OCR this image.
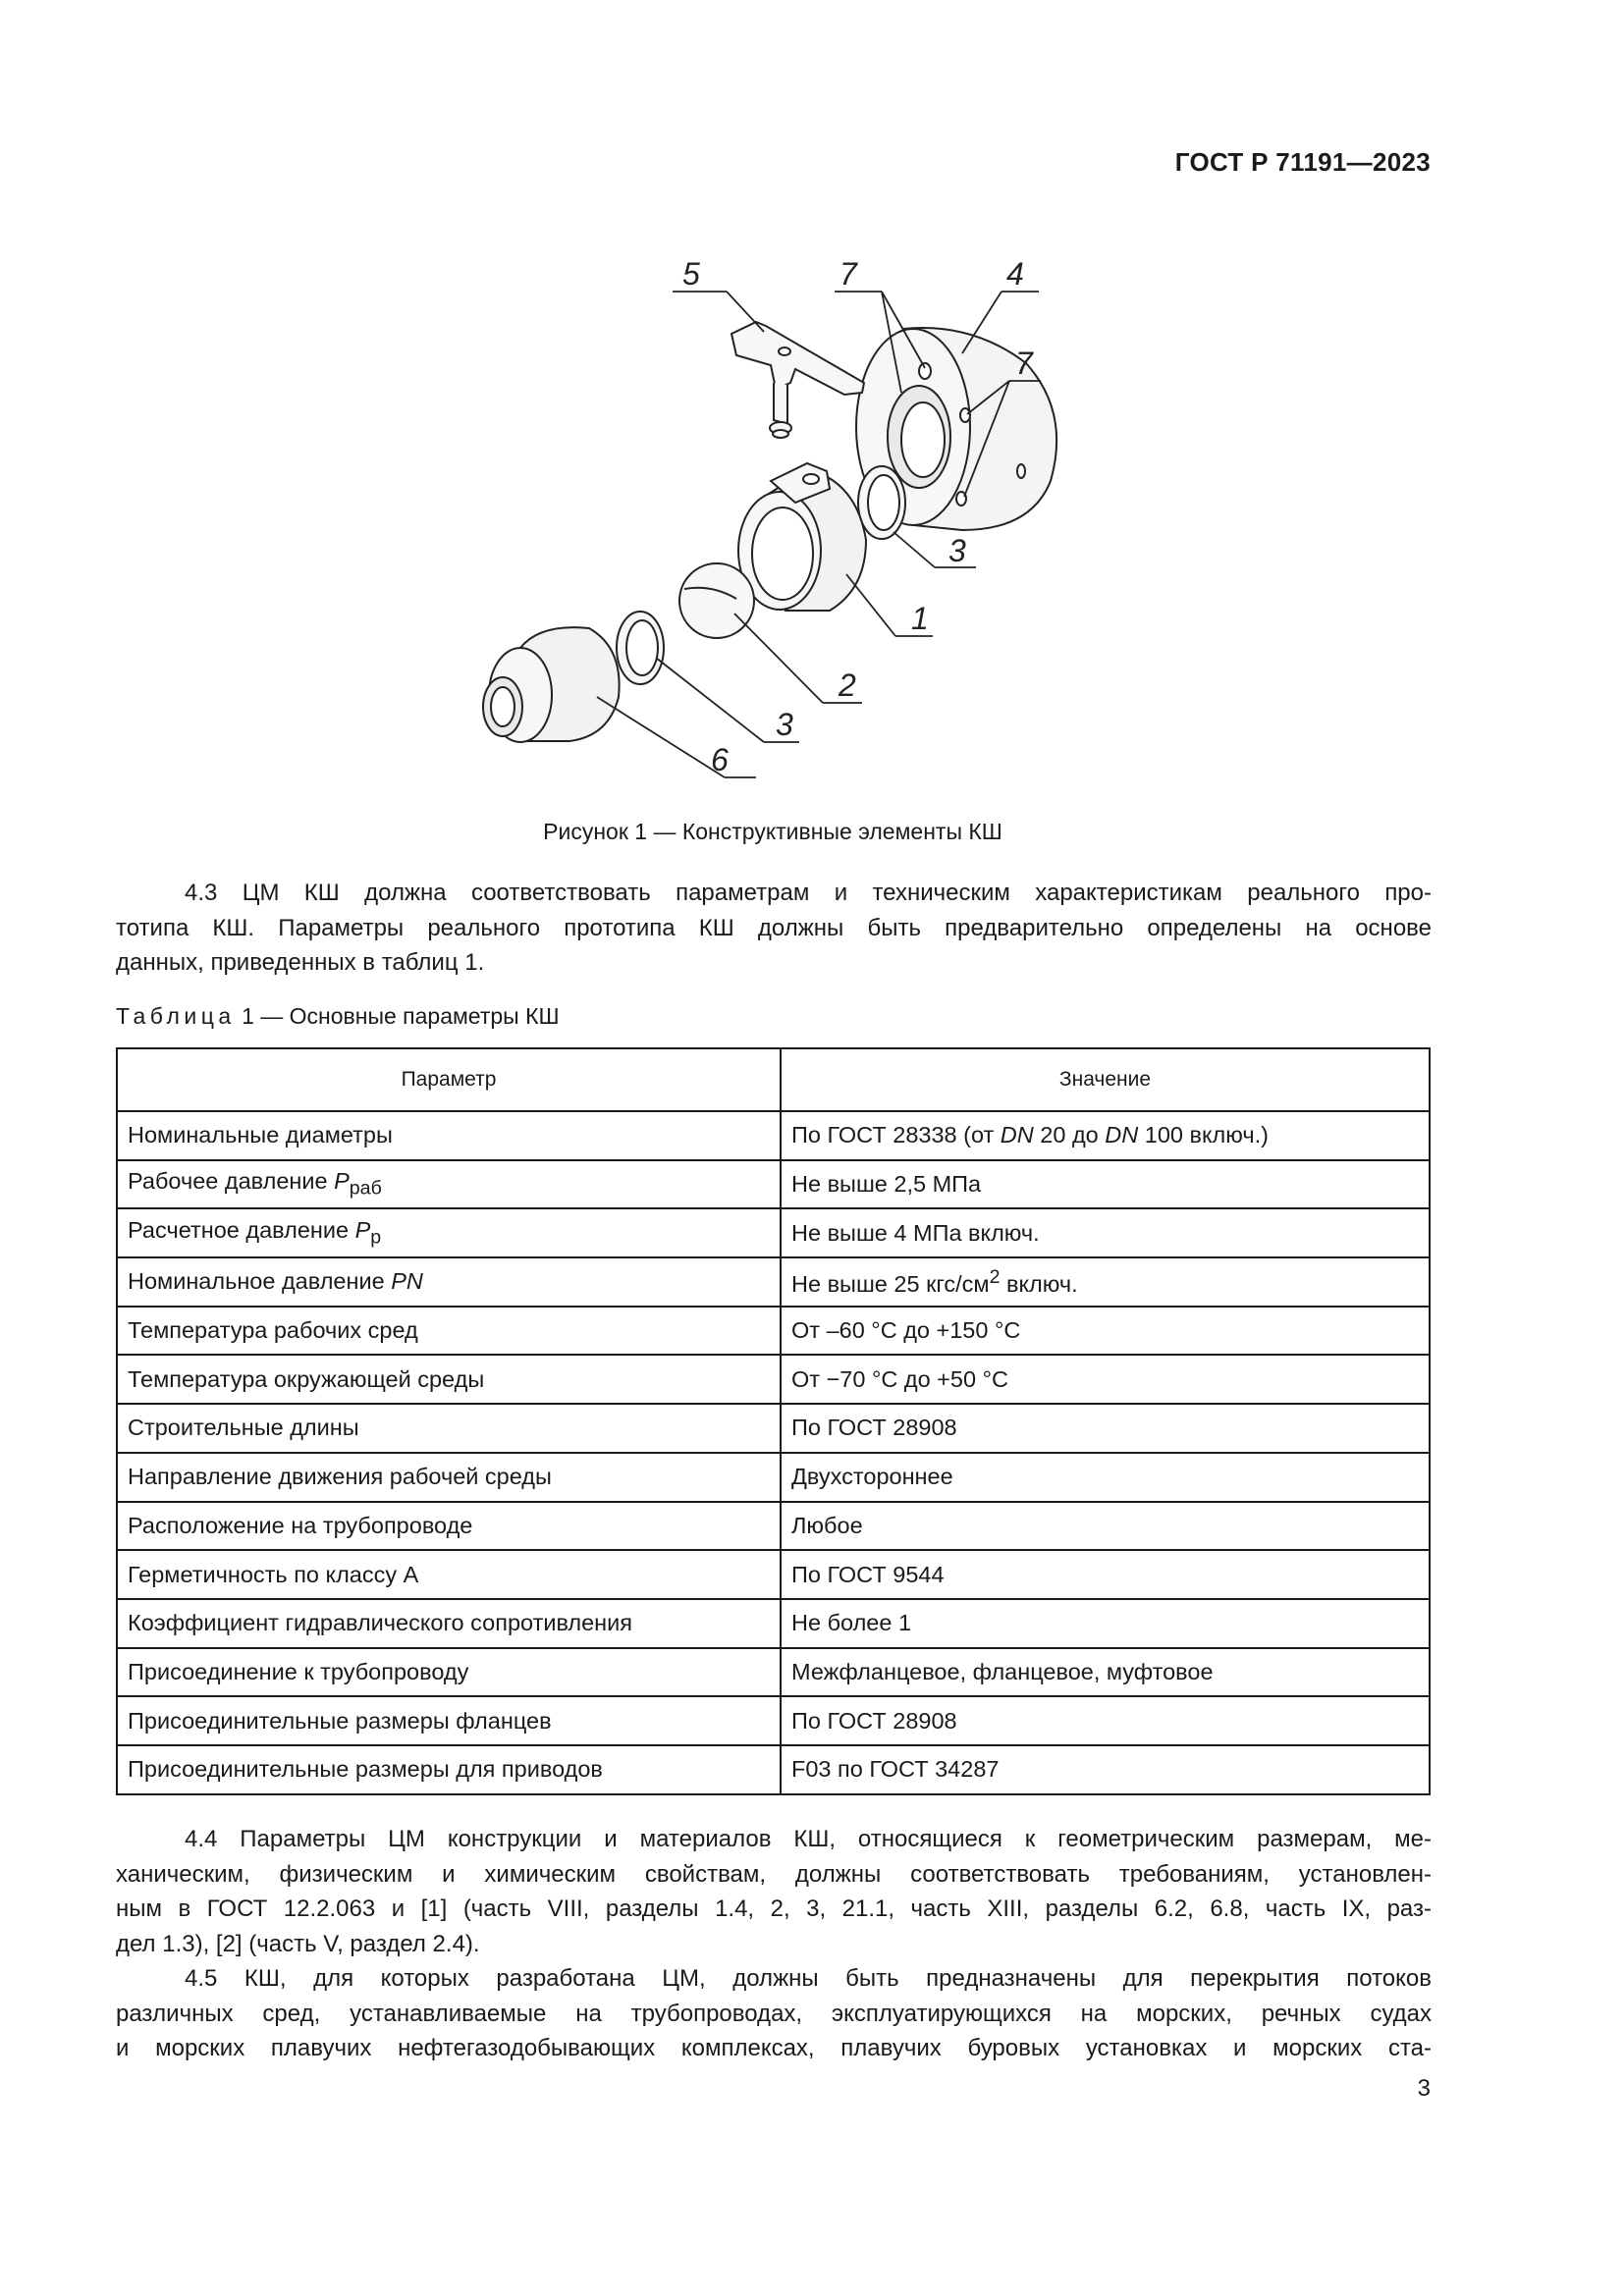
ГОСТ Р 71191—2023
5	7	4
7
3
1
2
3
6
Рисунок 1 — Конструктивные элементы КШ
4.3 ЦМ КШ должна соответствовать параметрам и техническим характеристикам реального про-
тотипа КШ. Параметры реального прототипа КШ должны быть предварительно определены на основе
данных, приведенных в таблиц 1.
Таблица 1 — Основные параметры КШ
Параметр	Значение
Номинальные диаметры	По ГОСТ 28338 (от DN 20 до DN 100 включ.)
Рабочее давление $P_{раб}$	Не выше 2,5 МПа
Расчетное давление $P_р$	Не выше 4 МПа включ.
Номинальное давление PN	Не выше 25 кгс/$см^2$ включ.
Температура рабочих сред	От –60 °С до +150 °С
Температура окружающей среды	От −70 °С до +50 °С
Строительные длины	По ГОСТ 28908
Направление движения рабочей среды	Двухстороннее
Расположение на трубопроводе	Любое
Герметичность по классу А	По ГОСТ 9544
Коэффициент гидравлического сопротивления	Не более 1
Присоединение к трубопроводу	Межфланцевое, фланцевое, муфтовое
Присоединительные размеры фланцев	По ГОСТ 28908
Присоединительные размеры для приводов	F03 по ГОСТ 34287
4.4 Параметры ЦМ конструкции и материалов КШ, относящиеся к геометрическим размерам, ме-
ханическим, физическим и химическим свойствам, должны соответствовать требованиям, установлен-
ным в ГОСТ 12.2.063 и [1] (часть VIII, разделы 1.4, 2, 3, 21.1, часть XIII, разделы 6.2, 6.8, часть IX, раз-
дел 1.3), [2] (часть V, раздел 2.4).
4.5 КШ, для которых разработана ЦМ, должны быть предназначены для перекрытия потоков
различных сред, устанавливаемые на трубопроводах, эксплуатирующихся на морских, речных судах
и морских плавучих нефтегазодобывающих комплексах, плавучих буровых установках и морских ста-
3
